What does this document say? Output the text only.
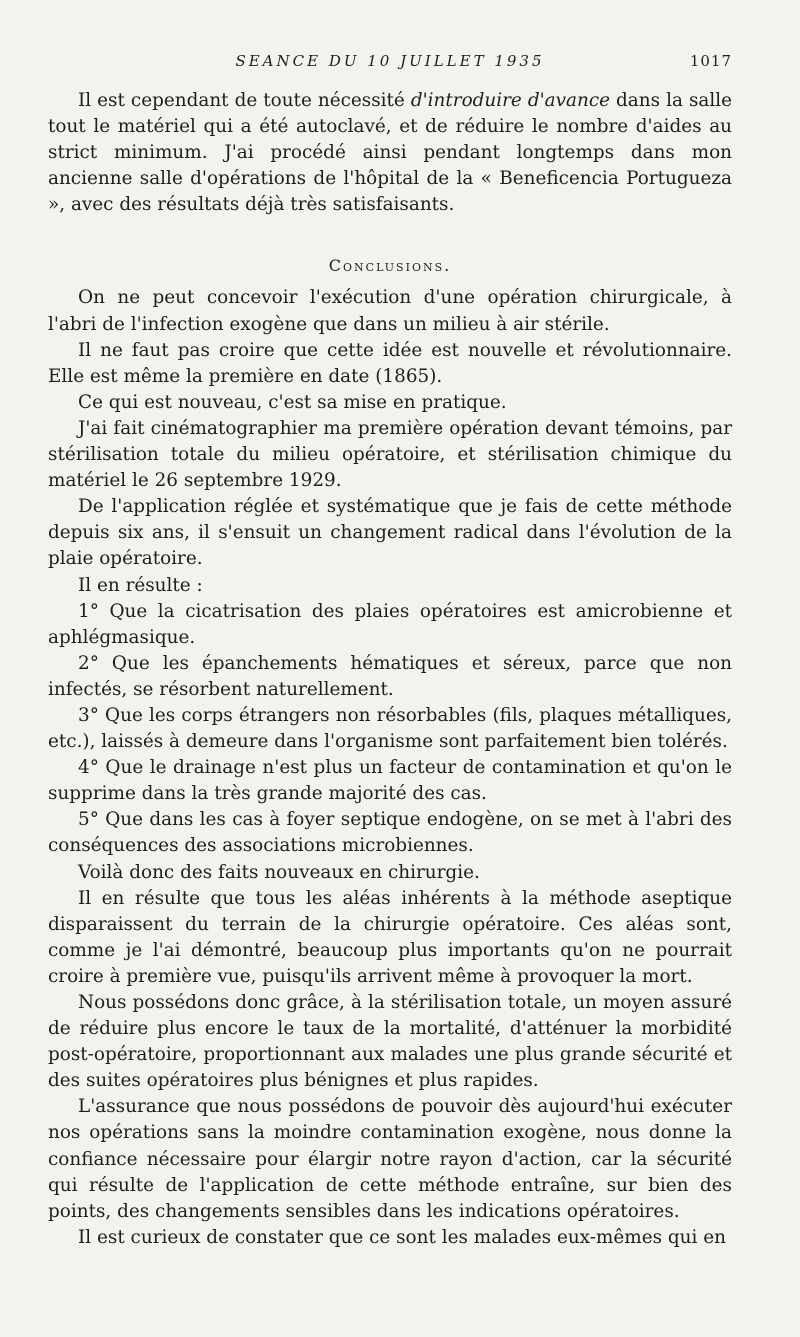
SEANCE DU 10 JUILLET 1935	1017

Il est cependant de toute nécessité d'introduire d'avance dans la salle tout le matériel qui a été autoclavé, et de réduire le nombre d'aides au strict minimum. J'ai procédé ainsi pendant longtemps dans mon ancienne salle d'opérations de l'hôpital de la « Beneficencia Portugueza », avec des résultats déjà très satisfaisants.

Conclusions.

On ne peut concevoir l'exécution d'une opération chirurgicale, à l'abri de l'infection exogène que dans un milieu à air stérile.

Il ne faut pas croire que cette idée est nouvelle et révolutionnaire. Elle est même la première en date (1865).

Ce qui est nouveau, c'est sa mise en pratique.

J'ai fait cinématographier ma première opération devant témoins, par stérilisation totale du milieu opératoire, et stérilisation chimique du matériel le 26 septembre 1929.

De l'application réglée et systématique que je fais de cette méthode depuis six ans, il s'ensuit un changement radical dans l'évolution de la plaie opératoire.

Il en résulte :

1° Que la cicatrisation des plaies opératoires est amicrobienne et aphlégmasique.

2° Que les épanchements hématiques et séreux, parce que non infectés, se résorbent naturellement.

3° Que les corps étrangers non résorbables (fils, plaques métalliques, etc.), laissés à demeure dans l'organisme sont parfaitement bien tolérés.

4° Que le drainage n'est plus un facteur de contamination et qu'on le supprime dans la très grande majorité des cas.

5° Que dans les cas à foyer septique endogène, on se met à l'abri des conséquences des associations microbiennes.

Voilà donc des faits nouveaux en chirurgie.

Il en résulte que tous les aléas inhérents à la méthode aseptique disparaissent du terrain de la chirurgie opératoire. Ces aléas sont, comme je l'ai démontré, beaucoup plus importants qu'on ne pourrait croire à première vue, puisqu'ils arrivent même à provoquer la mort.

Nous possédons donc grâce, à la stérilisation totale, un moyen assuré de réduire plus encore le taux de la mortalité, d'atténuer la morbidité post-opératoire, proportionnant aux malades une plus grande sécurité et des suites opératoires plus bénignes et plus rapides.

L'assurance que nous possédons de pouvoir dès aujourd'hui exécuter nos opérations sans la moindre contamination exogène, nous donne la confiance nécessaire pour élargir notre rayon d'action, car la sécurité qui résulte de l'application de cette méthode entraîne, sur bien des points, des changements sensibles dans les indications opératoires.

Il est curieux de constater que ce sont les malades eux-mêmes qui en
